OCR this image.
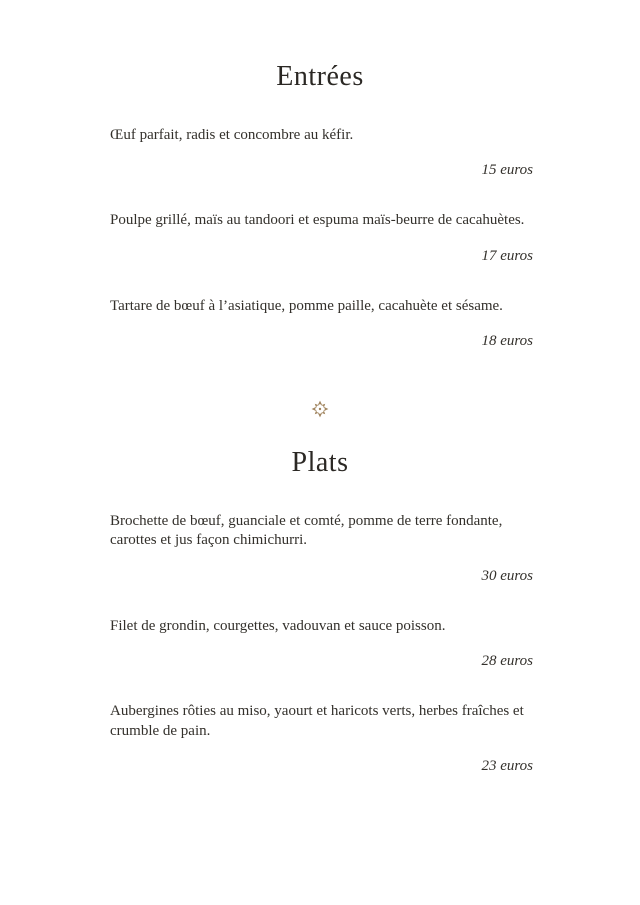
Entrées

Œuf parfait, radis et concombre au kéfir.

15 euros

Poulpe grillé, maïs au tandoori et espuma maïs-beurre de cacahuètes.

17 euros

Tartare de bœuf à l’asiatique, pomme paille, cacahuète et sésame.

18 euros

Plats

Brochette de bœuf, guanciale et comté, pomme de terre fondante, carottes et jus façon chimichurri.

30 euros

Filet de grondin, courgettes, vadouvan et sauce poisson.

28 euros

Aubergines rôties au miso, yaourt et haricots verts, herbes fraîches et crumble de pain.

23 euros
